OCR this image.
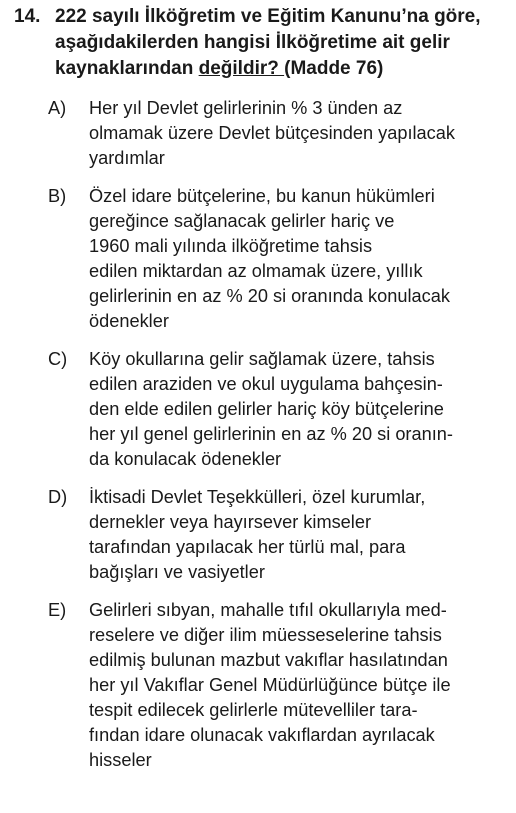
14. 222 sayılı İlköğretim ve Eğitim Kanunu’na göre, aşağıdakilerden hangisi İlköğretime ait gelir kaynaklarından değildir? (Madde 76)
A)	Her yıl Devlet gelirlerinin % 3 ünden az
olmamak üzere Devlet bütçesinden yapılacak
yardımlar
B)	Özel idare bütçelerine, bu kanun hükümleri
gereğince sağlanacak gelirler hariç ve
1960 mali yılında ilköğretime tahsis
edilen miktardan az olmamak üzere, yıllık
gelirlerinin en az % 20 si oranında konulacak
ödenekler
C)	Köy okullarına gelir sağlamak üzere, tahsis
edilen araziden ve okul uygulama bahçesin-
den elde edilen gelirler hariç köy bütçelerine
her yıl genel gelirlerinin en az % 20 si oranın-
da konulacak ödenekler
D)	İktisadi Devlet Teşekkülleri, özel kurumlar,
dernekler veya hayırsever kimseler
tarafından yapılacak her türlü mal, para
bağışları ve vasiyetler
E)	Gelirleri sıbyan, mahalle tıfıl okullarıyla med-
reselere ve diğer ilim müesseselerine tahsis
edilmiş bulunan mazbut vakıflar hasılatından
her yıl Vakıflar Genel Müdürlüğünce bütçe ile
tespit edilecek gelirlerle mütevelliler tara-
fından idare olunacak vakıflardan ayrılacak
hisseler
